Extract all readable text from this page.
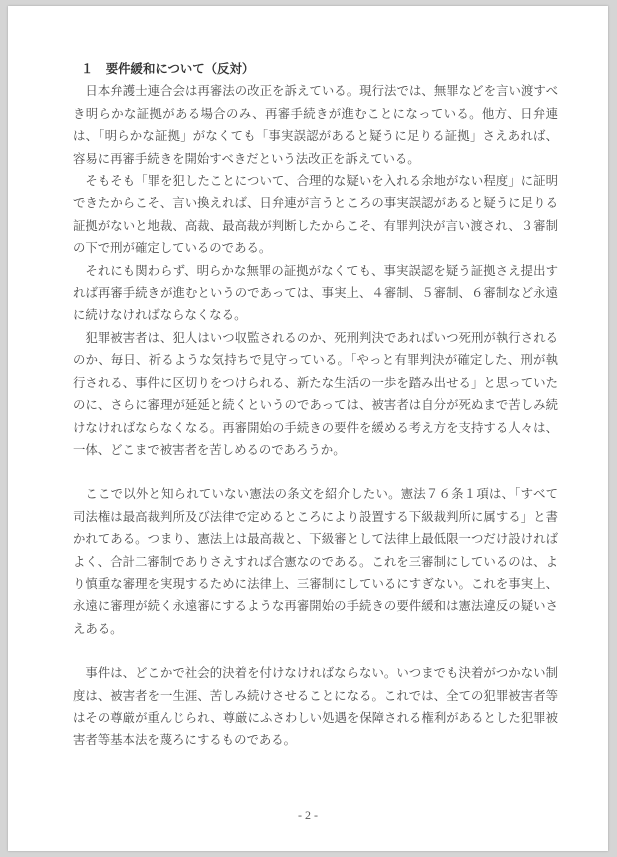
１　要件緩和について（反対）

日本弁護士連合会は再審法の改正を訴えている。現行法では、無罪などを言い渡すべき明らかな証拠がある場合のみ、再審手続きが進むことになっている。他方、日弁連は、「明らかな証拠」がなくても「事実誤認があると疑うに足りる証拠」さえあれば、容易に再審手続きを開始すべきだという法改正を訴えている。

そもそも「罪を犯したことについて、合理的な疑いを入れる余地がない程度」に証明できたからこそ、言い換えれば、日弁連が言うところの事実誤認があると疑うに足りる証拠がないと地裁、高裁、最高裁が判断したからこそ、有罪判決が言い渡され、３審制の下で刑が確定しているのである。

それにも関わらず、明らかな無罪の証拠がなくても、事実誤認を疑う証拠さえ提出すれば再審手続きが進むというのであっては、事実上、４審制、５審制、６審制など永遠に続けなければならなくなる。

犯罪被害者は、犯人はいつ収監されるのか、死刑判決であればいつ死刑が執行されるのか、毎日、祈るような気持ちで見守っている。「やっと有罪判決が確定した、刑が執行される、事件に区切りをつけられる、新たな生活の一歩を踏み出せる」と思っていたのに、さらに審理が延延と続くというのであっては、被害者は自分が死ぬまで苦しみ続けなければならなくなる。再審開始の手続きの要件を緩める考え方を支持する人々は、一体、どこまで被害者を苦しめるのであろうか。

ここで以外と知られていない憲法の条文を紹介したい。憲法７６条１項は、「すべて司法権は最高裁判所及び法律で定めるところにより設置する下級裁判所に属する」と書かれてある。つまり、憲法上は最高裁と、下級審として法律上最低限一つだけ設ければよく、合計二審制でありさえすれば合憲なのである。これを三審制にしているのは、より慎重な審理を実現するために法律上、三審制にしているにすぎない。これを事実上、永遠に審理が続く永遠審にするような再審開始の手続きの要件緩和は憲法違反の疑いさえある。

事件は、どこかで社会的決着を付けなければならない。いつまでも決着がつかない制度は、被害者を一生涯、苦しみ続けさせることになる。これでは、全ての犯罪被害者等はその尊厳が重んじられ、尊厳にふさわしい処遇を保障される権利があるとした犯罪被害者等基本法を蔑ろにするものである。

- 2 -
